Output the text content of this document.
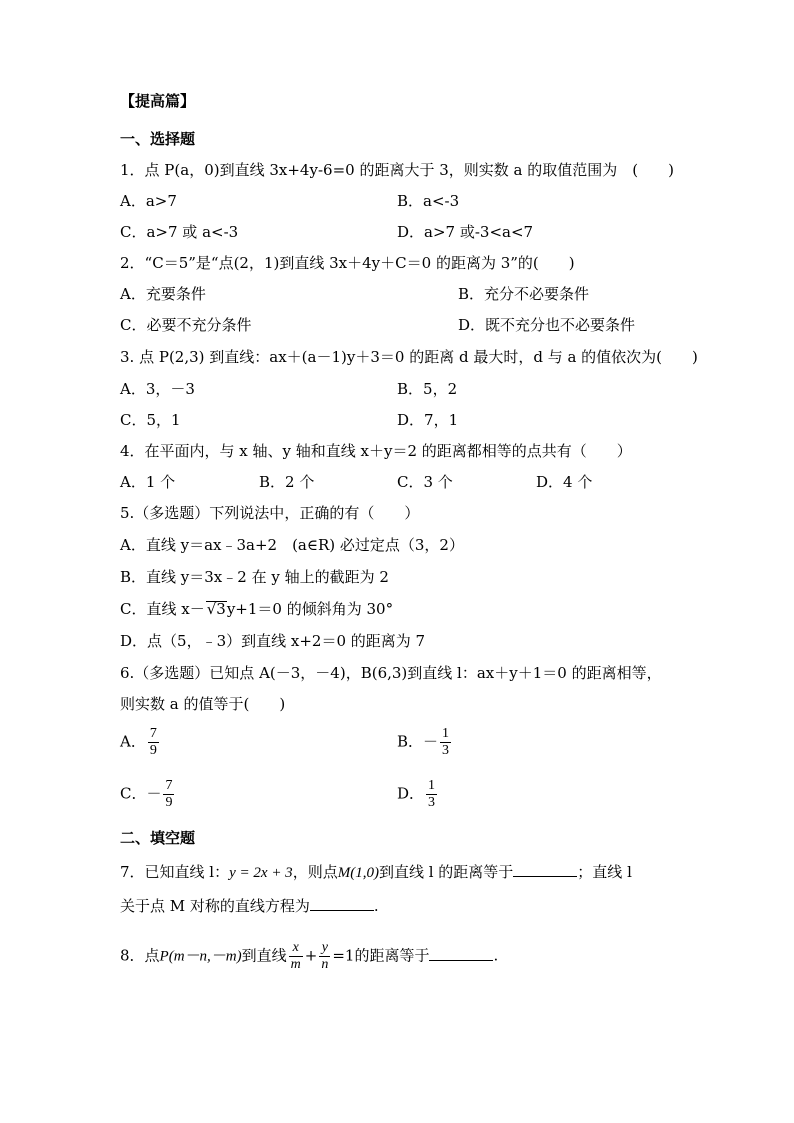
【提高篇】
一、选择题
1．点 P(a，0)到直线 3x+4y-6=0 的距离大于 3，则实数 a 的取值范围为　(　　)
A．a>7	B．a<-3
C．a>7 或 a<-3	D．a>7 或-3<a<7
2．“C＝5”是“点(2，1)到直线 3x＋4y＋C＝0 的距离为 3”的(　　)
A．充要条件	B．充分不必要条件
C．必要不充分条件	D．既不充分也不必要条件
3. 点 P(2,3) 到直线：ax＋(a－1)y＋3＝0 的距离 d 最大时，d 与 a 的值依次为(　　)
A．3，－3	B．5，2
C．5，1	D．7，1
4．在平面内，与 x 轴、y 轴和直线 x＋y＝2 的距离都相等的点共有（　　）
A．1 个	B．2 个	C．3 个	D．4 个
5.（多选题）下列说法中，正确的有（　　）
A．直线 y＝ax﹣3a+2　(a∈R) 必过定点（3，2）
B．直线 y＝3x﹣2 在 y 轴上的截距为 2
C．直线 x－ √3y+1＝0 的倾斜角为 30°
D．点（5，﹣3）到直线 x+2＝0 的距离为 7
6.（多选题）已知点 A(－3，－4)，B(6,3)到直线 l：ax＋y＋1＝0 的距离相等，
则实数 a 的值等于(　　)
A． $\frac{7}{9}$	B．－ $\frac{1}{3}$
C．－ $\frac{7}{9}$	D． $\frac{1}{3}$
二、填空题
7．已知直线 l：y = 2x + 3，则点M(1,0)到直线 l 的距离等于	；直线 l
关于点 M 对称的直线方程为	.
8．点P(m－n,－m)到直线 $\frac{x}{m} + \frac{y}{n} =1$的距离等于	.
